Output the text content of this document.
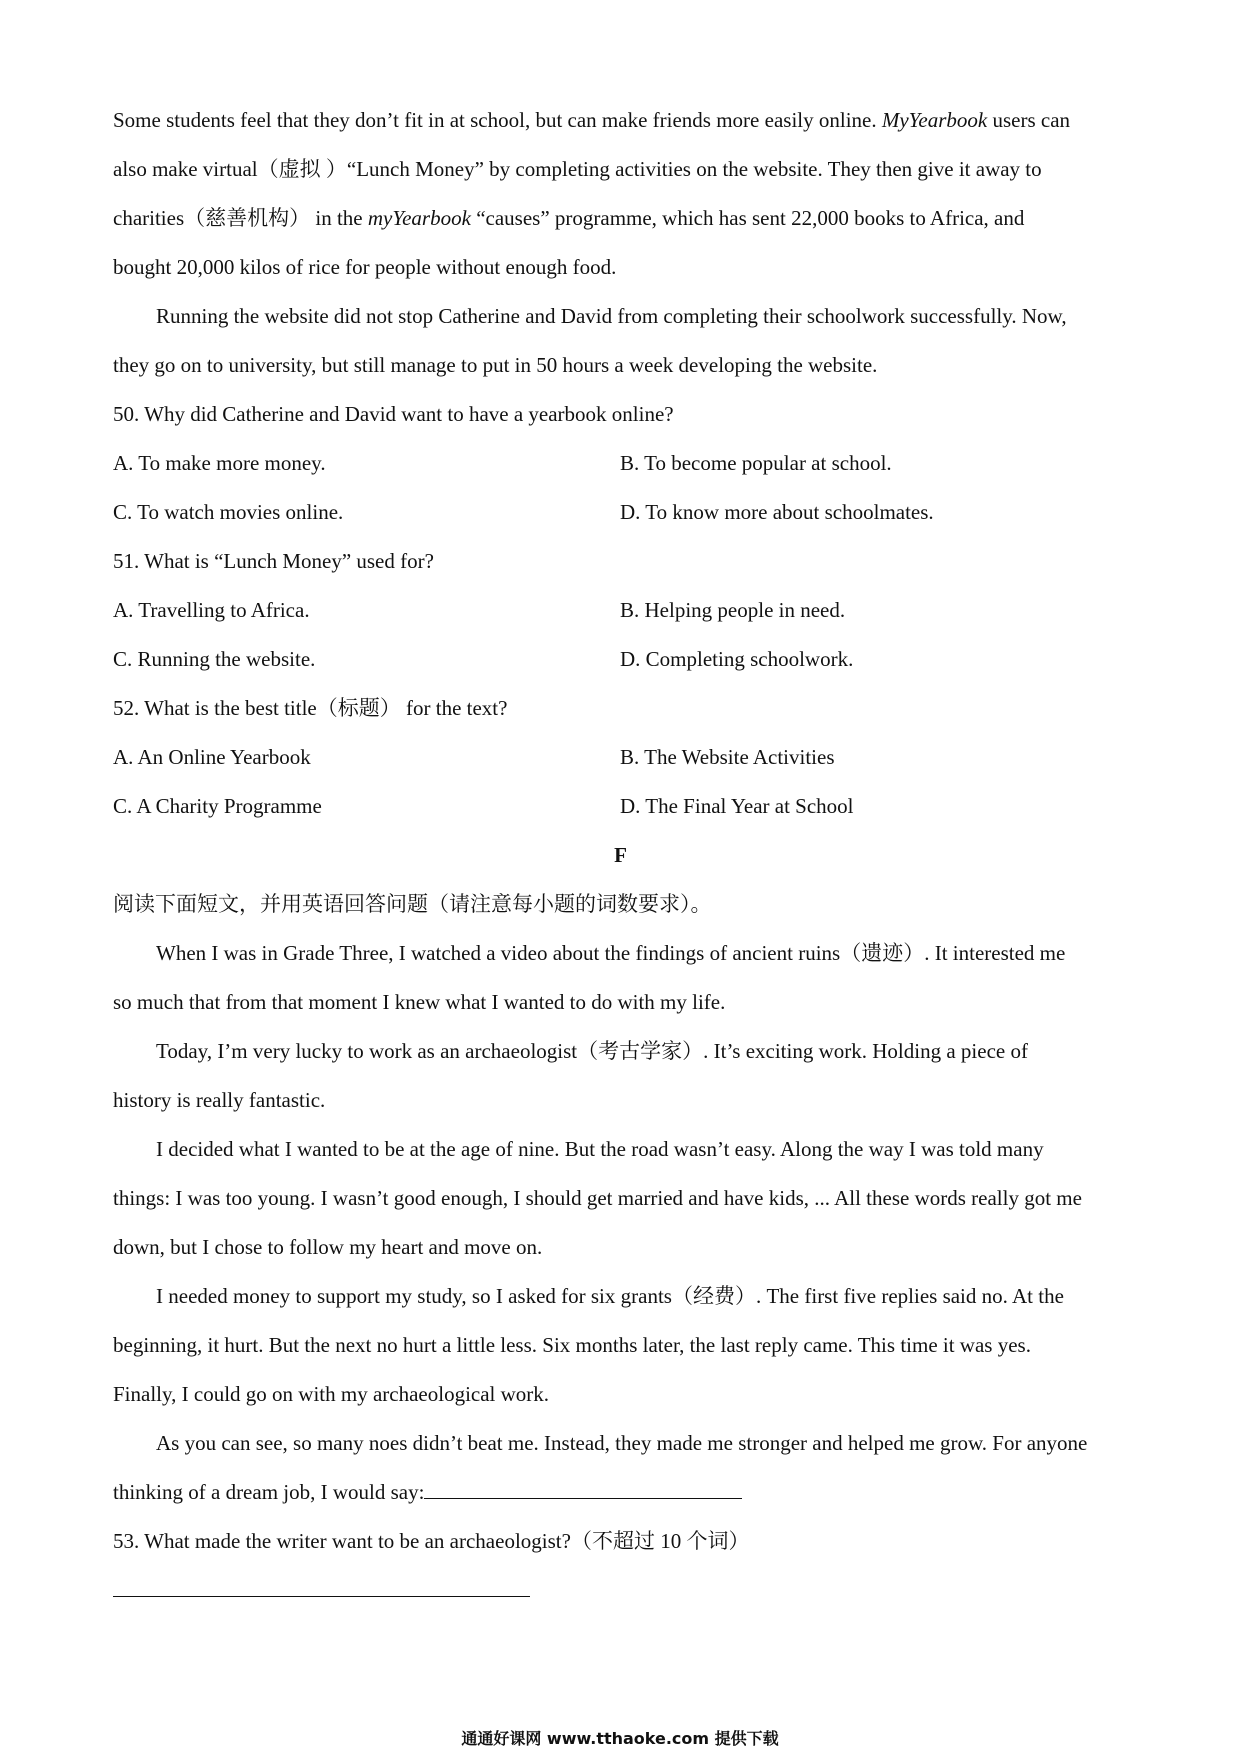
Some students feel that they don’t fit in at school, but can make friends more easily online. MyYearbook users can
also make virtual（虚拟 ）“Lunch Money” by completing activities on the website. They then give it away to
charities（慈善机构） in the myYearbook “causes” programme, which has sent 22,000 books to Africa, and
bought 20,000 kilos of rice for people without enough food.
Running the website did not stop Catherine and David from completing their schoolwork successfully. Now,
they go on to university, but still manage to put in 50 hours a week developing the website.
50. Why did Catherine and David want to have a yearbook online?
A. To make more money.	B. To become popular at school.
C. To watch movies online.	D. To know more about schoolmates.
51. What is “Lunch Money” used for?
A. Travelling to Africa.	B. Helping people in need.
C. Running the website.	D. Completing schoolwork.
52. What is the best title（标题） for the text?
A. An Online Yearbook	B. The Website Activities
C. A Charity Programme	D. The Final Year at School
F
阅读下面短文，并用英语回答问题（请注意每小题的词数要求）。
When I was in Grade Three, I watched a video about the findings of ancient ruins（遗迹）. It interested me
so much that from that moment I knew what I wanted to do with my life.
Today, I’m very lucky to work as an archaeologist（考古学家）. It’s exciting work. Holding a piece of
history is really fantastic.
I decided what I wanted to be at the age of nine. But the road wasn’t easy. Along the way I was told many
things: I was too young. I wasn’t good enough, I should get married and have kids, ... All these words really got me
down, but I chose to follow my heart and move on.
I needed money to support my study, so I asked for six grants（经费）. The first five replies said no. At the
beginning, it hurt. But the next no hurt a little less. Six months later, the last reply came. This time it was yes.
Finally, I could go on with my archaeological work.
As you can see, so many noes didn’t beat me. Instead, they made me stronger and helped me grow. For anyone
thinking of a dream job, I would say:
53. What made the writer want to be an archaeologist?（不超过 10 个词）
通通好课网 www.tthaoke.com 提供下载
